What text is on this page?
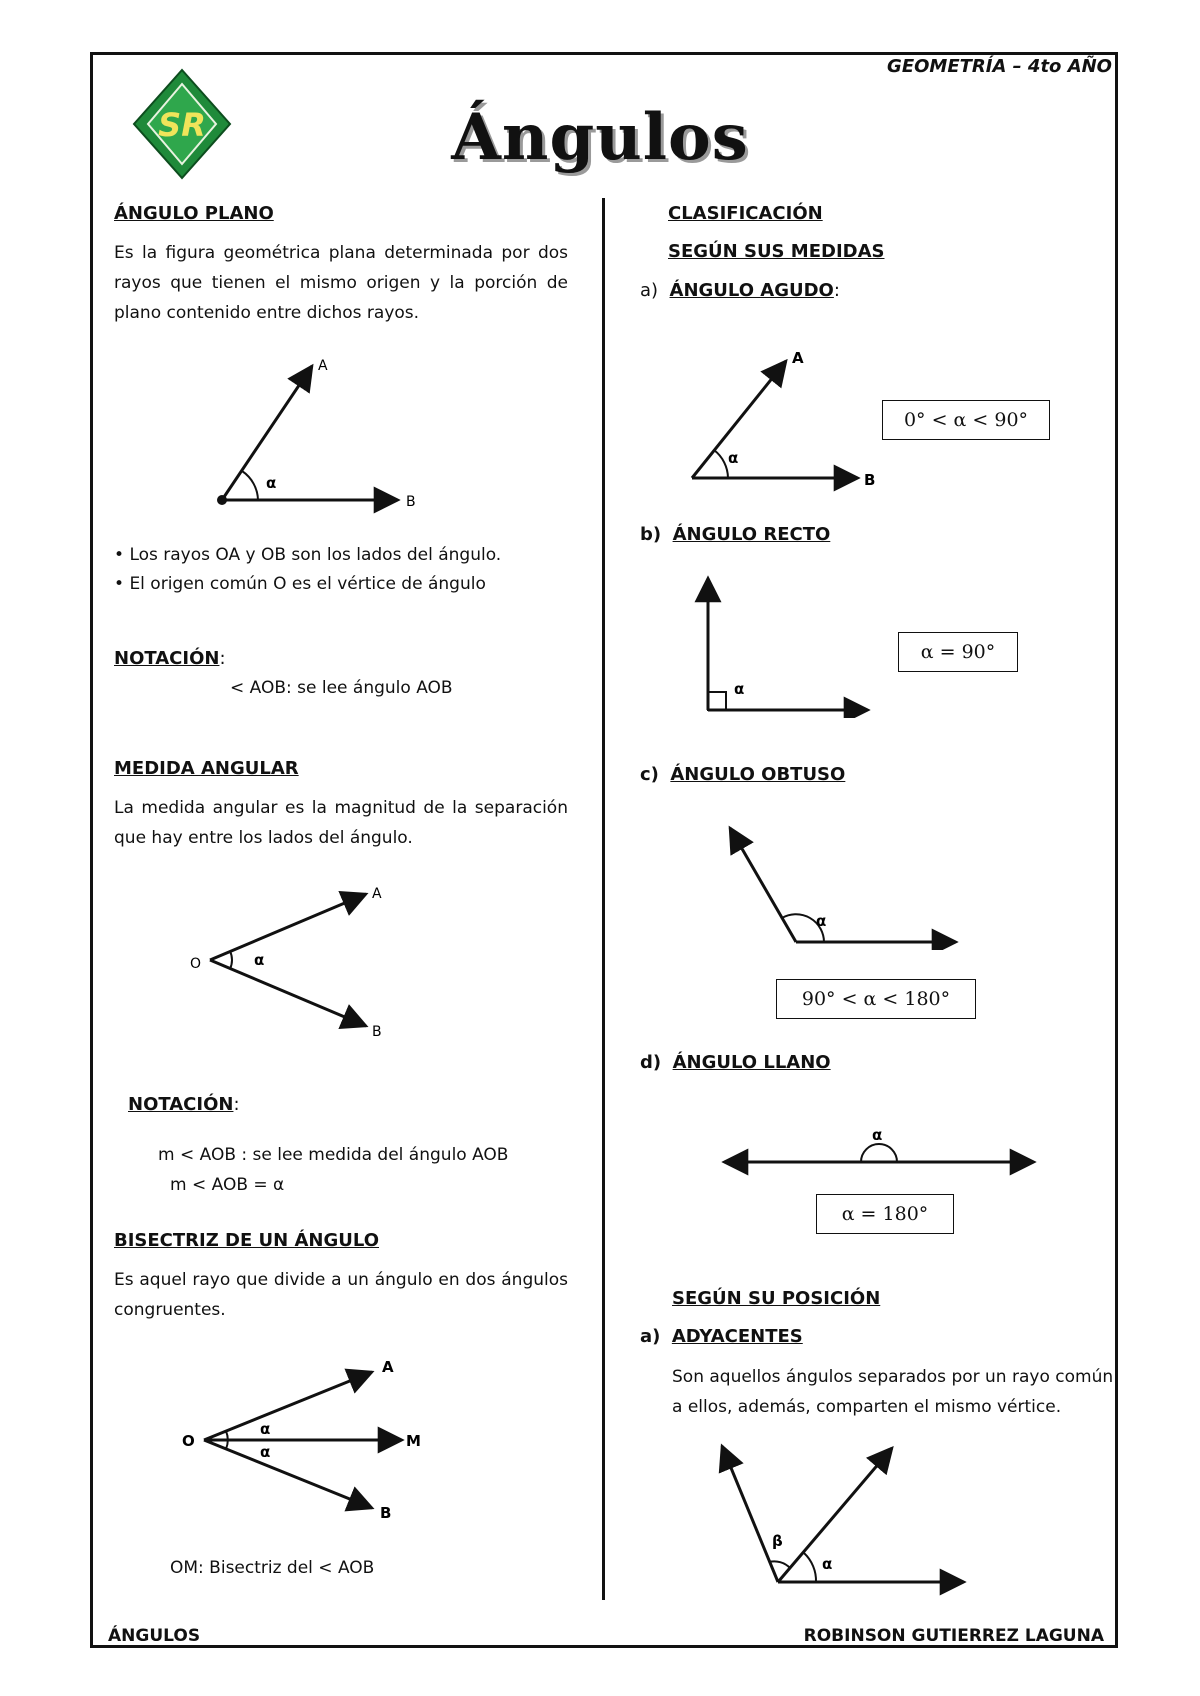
GEOMETRÍA – 4to AÑO
SR	Ángulos
ÁNGULO PLANO
Es la figura geométrica plana determinada por dos rayos que tienen el mismo origen y la porción de plano contenido entre dichos rayos.
A
B
α
• Los rayos OA y OB son los lados del ángulo.
• El origen común O es el vértice de ángulo
NOTACIÓN:
< AOB: se lee ángulo AOB
MEDIDA ANGULAR
La medida angular es la magnitud de la separación que hay entre los lados del ángulo.
O
A
B
α
NOTACIÓN:
m < AOB : se lee medida del ángulo AOB
m < AOB = α
BISECTRIZ DE UN ÁNGULO
Es aquel rayo que divide a un ángulo en dos ángulos congruentes.
O
A
M
B
α
α
OM: Bisectriz del < AOB
CLASIFICACIÓN
SEGÚN SUS MEDIDAS
a) ÁNGULO AGUDO:
A
B
α
0° < α < 90°
b) ÁNGULO RECTO
α
α = 90°
c) ÁNGULO OBTUSO
α
90° < α < 180°
d) ÁNGULO LLANO
α
α = 180°
SEGÚN SU POSICIÓN
a) ADYACENTES
Son aquellos ángulos separados por un rayo común a ellos, además, comparten el mismo vértice.
α
β
ÁNGULOS	ROBINSON GUTIERREZ LAGUNA
